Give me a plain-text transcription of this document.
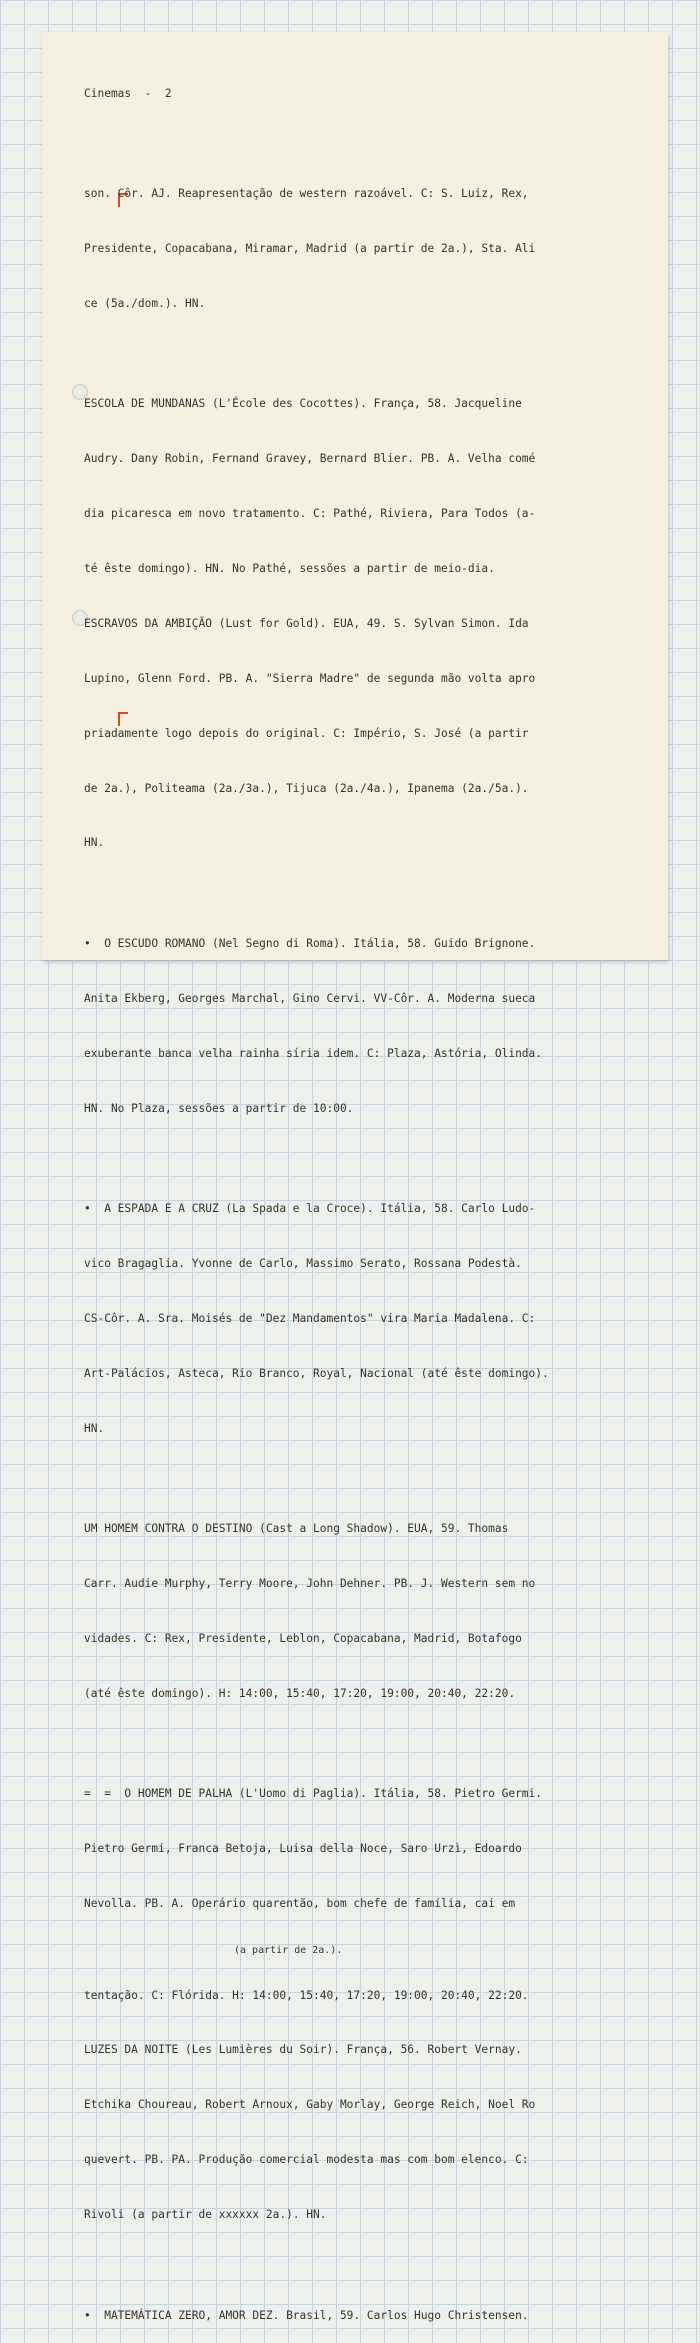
Cinemas  -  2

son. Côr. AJ. Reapresentação de western razoável. C: S. Luiz, Rex,

Presidente, Copacabana, Miramar, Madrid (a partir de 2a.), Sta. Ali

ce (5a./dom.). HN.

ESCOLA DE MUNDANAS (L'École des Cocottes). França, 58. Jacqueline

Audry. Dany Robin, Fernand Gravey, Bernard Blier. PB. A. Velha comé

dia picaresca em novo tratamento. C: Pathé, Riviera, Para Todos (a-

té êste domingo). HN. No Pathé, sessões a partir de meio-dia.

ESCRAVOS DA AMBIÇÃO (Lust for Gold). EUA, 49. S. Sylvan Simon. Ida

Lupino, Glenn Ford. PB. A. "Sierra Madre" de segunda mão volta apro

priadamente logo depois do original. C: Império, S. José (a partir

de 2a.), Politeama (2a./3a.), Tijuca (2a./4a.), Ipanema (2a./5a.).

HN.

•  O ESCUDO ROMANO (Nel Segno di Roma). Itália, 58. Guido Brignone.

Anita Ekberg, Georges Marchal, Gino Cervi. VV-Côr. A. Moderna sueca

exuberante banca velha rainha síria idem. C: Plaza, Astória, Olinda.

HN. No Plaza, sessões a partir de 10:00.

•  A ESPADA E A CRUZ (La Spada e la Croce). Itália, 58. Carlo Ludo-

vico Bragaglia. Yvonne de Carlo, Massimo Serato, Rossana Podestà.

CS-Côr. A. Sra. Moisés de "Dez Mandamentos" vira Maria Madalena. C:

Art-Palácios, Asteca, Rio Branco, Royal, Nacional (até êste domingo).

HN.

UM HOMEM CONTRA O DESTINO (Cast a Long Shadow). EUA, 59. Thomas

Carr. Audie Murphy, Terry Moore, John Dehner. PB. J. Western sem no

vidades. C: Rex, Presidente, Leblon, Copacabana, Madrid, Botafogo

(até êste domingo). H: 14:00, 15:40, 17:20, 19:00, 20:40, 22:20.

=  =  O HOMEM DE PALHA (L'Uomo di Paglia). Itália, 58. Pietro Germi.

Pietro Germi, Franca Betoja, Luisa della Noce, Saro Urzì, Edoardo

Nevolla. PB. A. Operário quarentão, bom chefe de família, cai em

(a partir de 2a.).

tentação. C: Flórida. H: 14:00, 15:40, 17:20, 19:00, 20:40, 22:20.

LUZES DA NOITE (Les Lumières du Soir). França, 56. Robert Vernay.

Etchika Choureau, Robert Arnoux, Gaby Morlay, George Reich, Noel Ro

quevert. PB. PA. Produção comercial modesta mas com bom elenco. C:

Rivoli (a partir de xxxxxx 2a.). HN.

•  MATEMÁTICA ZERO, AMOR DEZ. Brasil, 59. Carlos Hugo Christensen.
